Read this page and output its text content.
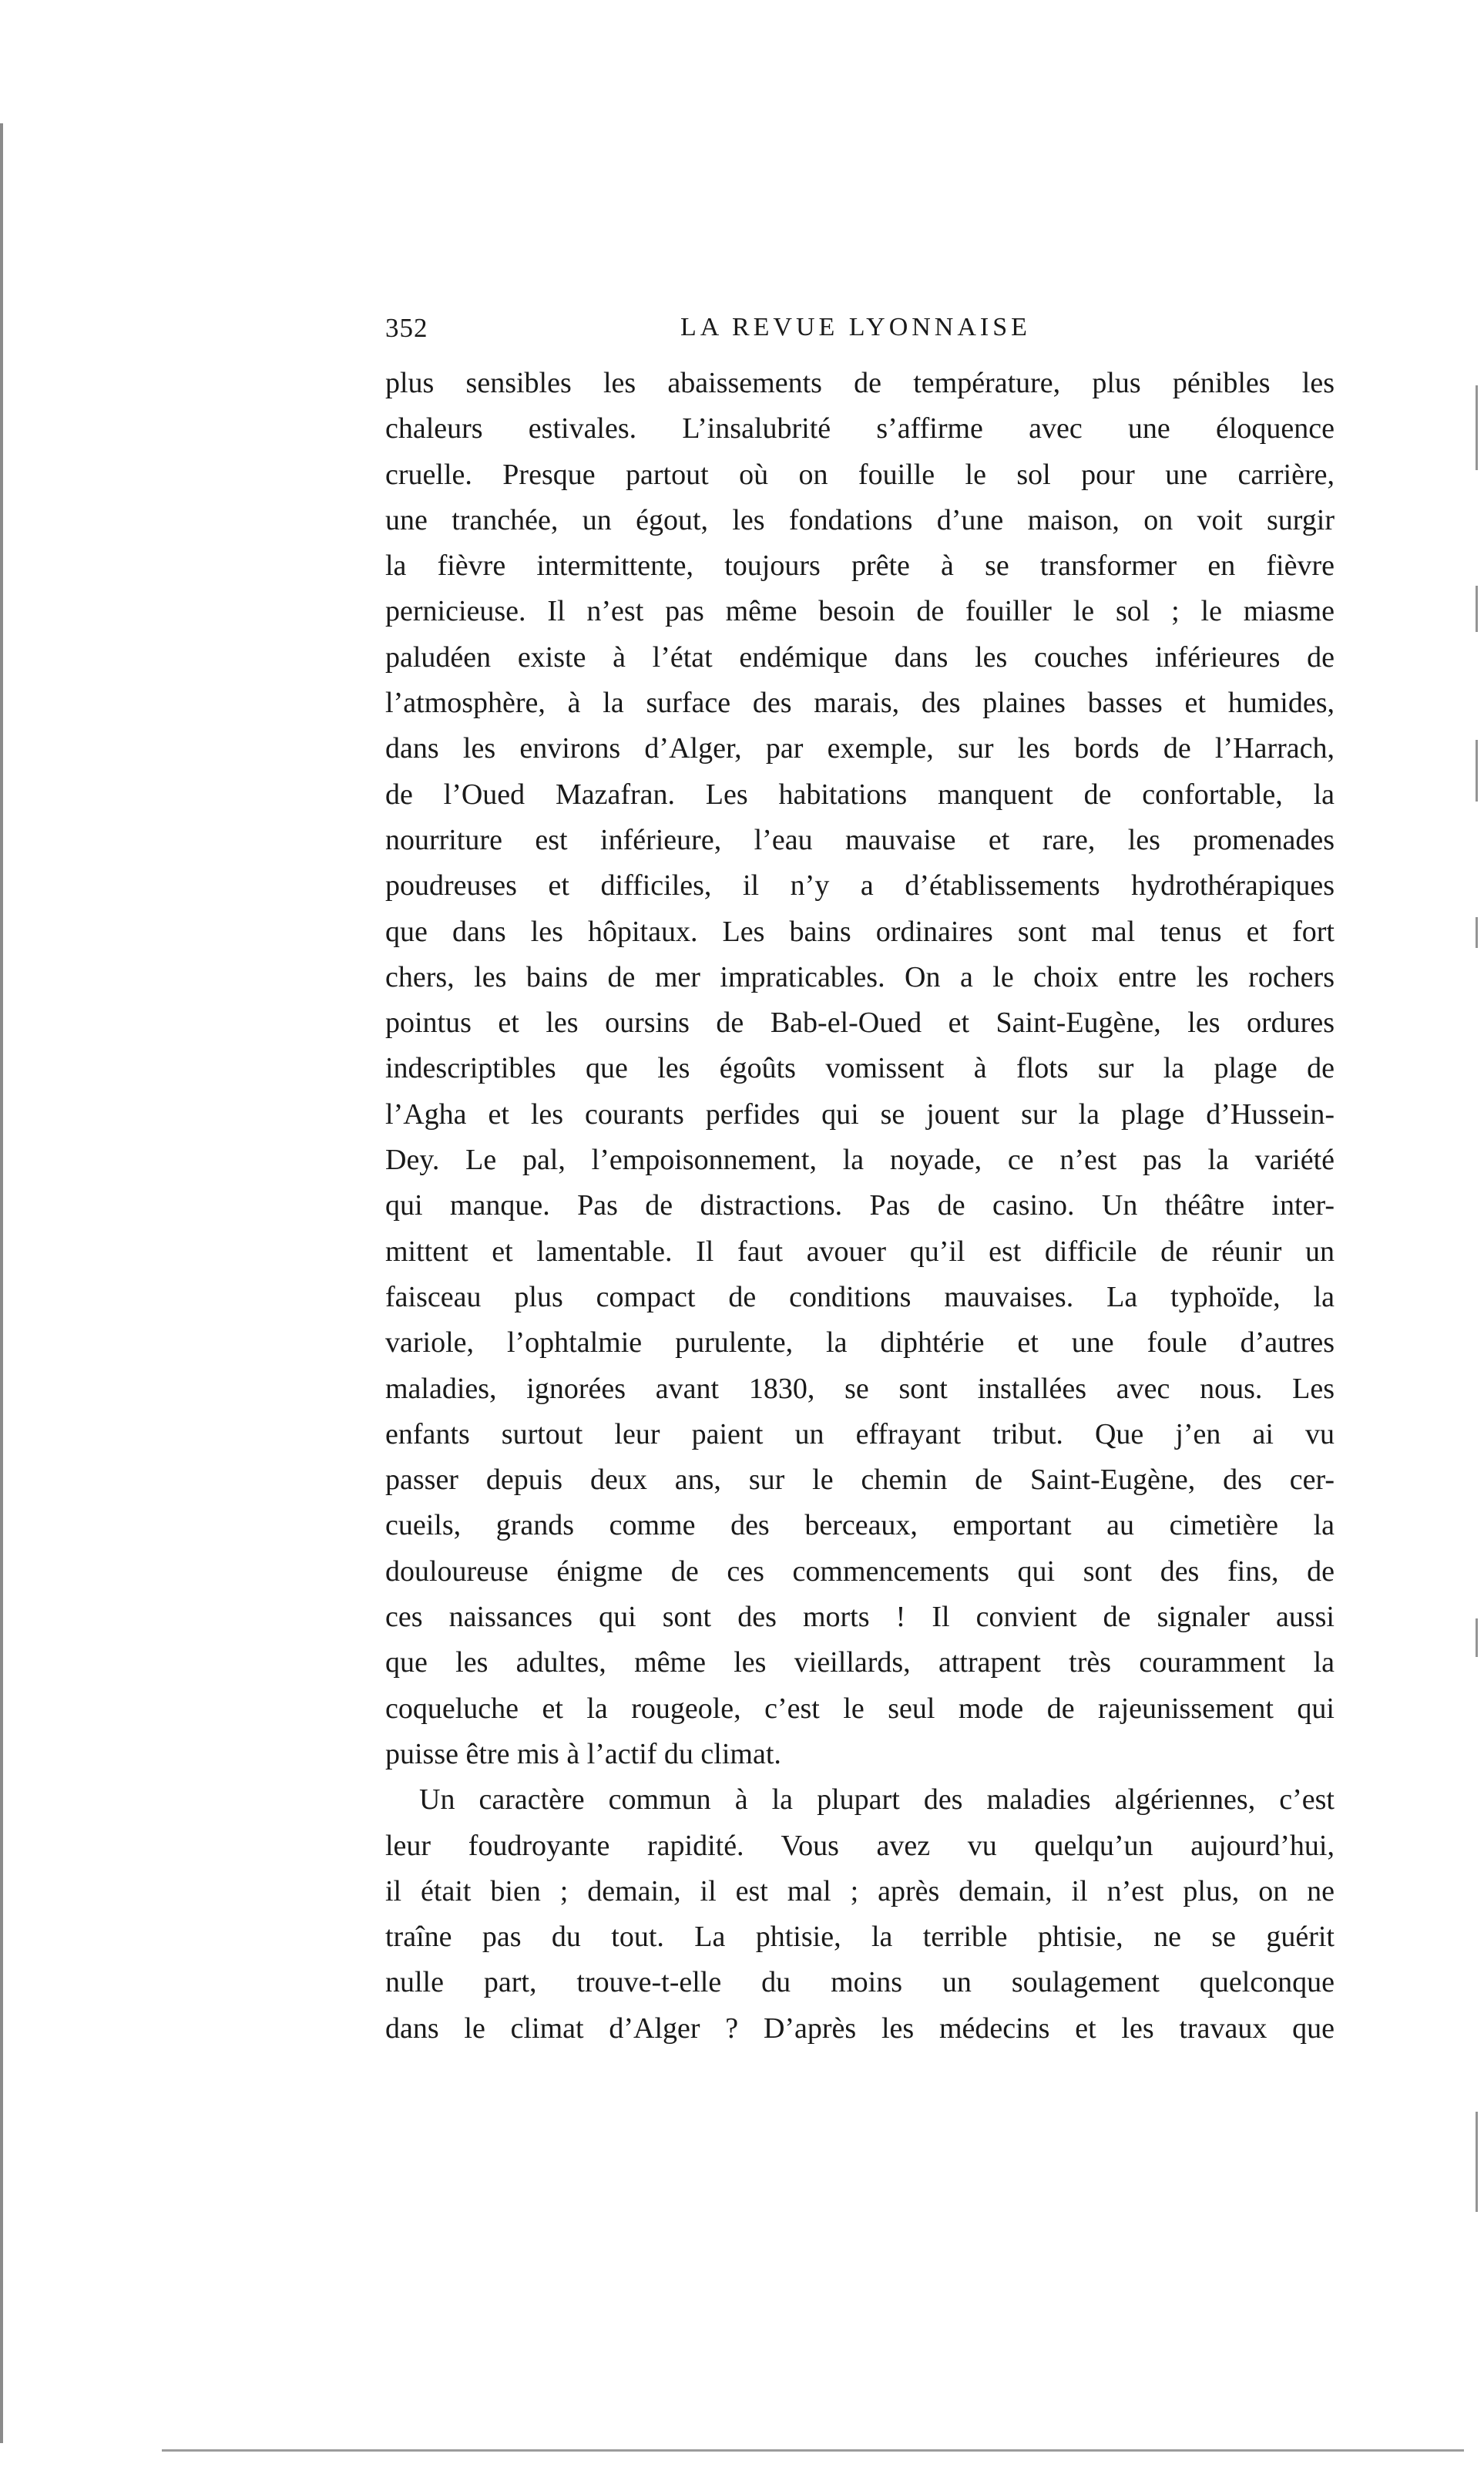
352	LA REVUE LYONNAISE
plus sensibles les abaissements de température, plus pénibles les
chaleurs estivales. L’insalubrité s’affirme avec une éloquence
cruelle. Presque partout où on fouille le sol pour une carrière,
une tranchée, un égout, les fondations d’une maison, on voit surgir
la fièvre intermittente, toujours prête à se transformer en fièvre
pernicieuse. Il n’est pas même besoin de fouiller le sol ; le miasme
paludéen existe à l’état endémique dans les couches inférieures de
l’atmosphère, à la surface des marais, des plaines basses et humides,
dans les environs d’Alger, par exemple, sur les bords de l’Harrach,
de l’Oued Mazafran. Les habitations manquent de confortable, la
nourriture est inférieure, l’eau mauvaise et rare, les promenades
poudreuses et difficiles, il n’y a d’établissements hydrothérapiques
que dans les hôpitaux. Les bains ordinaires sont mal tenus et fort
chers, les bains de mer impraticables. On a le choix entre les rochers
pointus et les oursins de Bab-el-Oued et Saint-Eugène, les ordures
indescriptibles que les égoûts vomissent à flots sur la plage de
l’Agha et les courants perfides qui se jouent sur la plage d’Hussein-
Dey. Le pal, l’empoisonnement, la noyade, ce n’est pas la variété
qui manque. Pas de distractions. Pas de casino. Un théâtre inter-
mittent et lamentable. Il faut avouer qu’il est difficile de réunir un
faisceau plus compact de conditions mauvaises. La typhoïde, la
variole, l’ophtalmie purulente, la diphtérie et une foule d’autres
maladies, ignorées avant 1830, se sont installées avec nous. Les
enfants surtout leur paient un effrayant tribut. Que j’en ai vu
passer depuis deux ans, sur le chemin de Saint-Eugène, des cer-
cueils, grands comme des berceaux, emportant au cimetière la
douloureuse énigme de ces commencements qui sont des fins, de
ces naissances qui sont des morts ! Il convient de signaler aussi
que les adultes, même les vieillards, attrapent très couramment la
coqueluche et la rougeole, c’est le seul mode de rajeunissement qui
puisse être mis à l’actif du climat.
Un caractère commun à la plupart des maladies algériennes, c’est
leur foudroyante rapidité. Vous avez vu quelqu’un aujourd’hui,
il était bien ; demain, il est mal ; après demain, il n’est plus, on ne
traîne pas du tout. La phtisie, la terrible phtisie, ne se guérit
nulle part, trouve-t-elle du moins un soulagement quelconque
dans le climat d’Alger ? D’après les médecins et les travaux que
